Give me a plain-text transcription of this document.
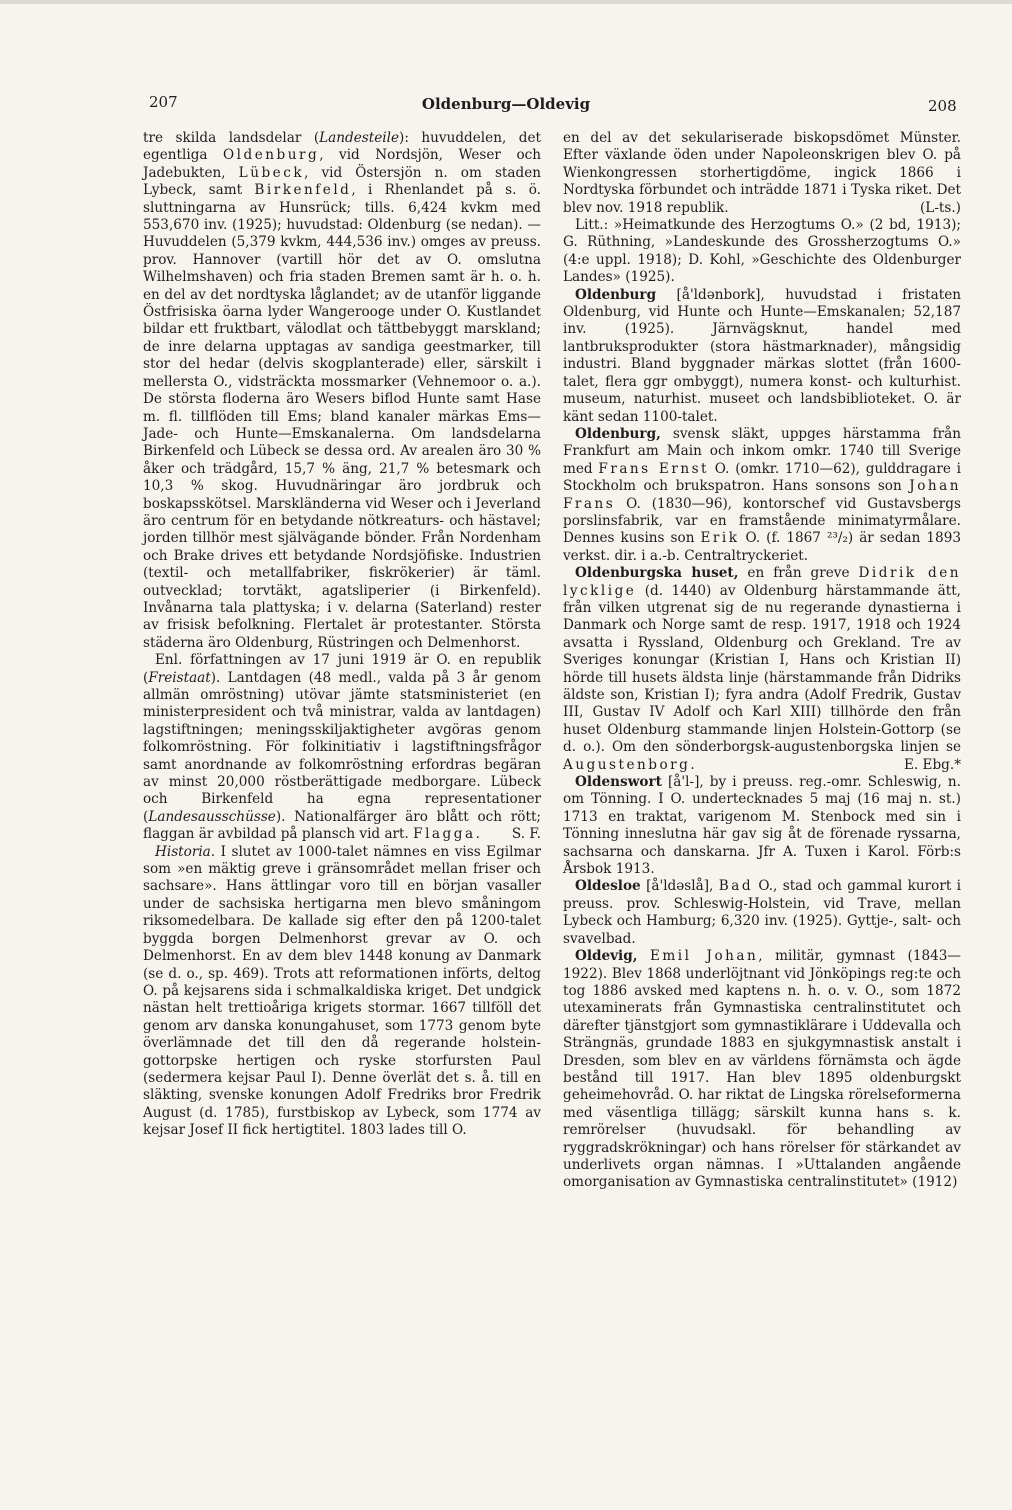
207	Oldenburg—Oldevig	208

tre skilda landsdelar (Landesteile): huvuddelen, det egentliga Oldenburg, vid Nordsjön, Weser och Jadebukten, Lübeck, vid Östersjön n. om staden Lybeck, samt Birkenfeld, i Rhenlandet på s. ö. sluttningarna av Hunsrück; tills. 6,424 kvkm med 553,670 inv. (1925); huvudstad: Oldenburg (se nedan). — Huvuddelen (5,379 kvkm, 444,536 inv.) omges av preuss. prov. Hannover (vartill hör det av O. omslutna Wilhelmshaven) och fria staden Bremen samt är h. o. h. en del av det nordtyska låglandet; av de utanför liggande Östfrisiska öarna lyder Wangerooge under O. Kustlandet bildar ett fruktbart, välodlat och tättbebyggt marskland; de inre delarna upptagas av sandiga geestmarker, till stor del hedar (delvis skogplanterade) eller, särskilt i mellersta O., vidsträckta mossmarker (Vehnemoor o. a.). De största floderna äro Wesers biflod Hunte samt Hase m. fl. tillflöden till Ems; bland kanaler märkas Ems—Jade- och Hunte—Emskanalerna. Om landsdelarna Birkenfeld och Lübeck se dessa ord. Av arealen äro 30 % åker och trädgård, 15,7 % äng, 21,7 % betesmark och 10,3 % skog. Huvudnäringar äro jordbruk och boskapsskötsel. Marskländerna vid Weser och i Jeverland äro centrum för en betydande nötkreaturs- och hästavel; jorden tillhör mest självägande bönder. Från Nordenham och Brake drives ett betydande Nordsjöfiske. Industrien (textil- och metallfabriker, fiskrökerier) är täml. outvecklad; torvtäkt, agatsliperier (i Birkenfeld). Invånarna tala plattyska; i v. delarna (Saterland) rester av frisisk befolkning. Flertalet är protestanter. Största städerna äro Oldenburg, Rüstringen och Delmenhorst.

Enl. författningen av 17 juni 1919 är O. en republik (Freistaat). Lantdagen (48 medl., valda på 3 år genom allmän omröstning) utövar jämte statsministeriet (en ministerpresident och två ministrar, valda av lantdagen) lagstiftningen; meningsskiljaktigheter avgöras genom folkomröstning. För folkinitiativ i lagstiftningsfrågor samt anordnande av folkomröstning erfordras begäran av minst 20,000 röstberättigade medborgare. Lübeck och Birkenfeld ha egna representationer (Landesausschüsse). Nationalfärger äro blått och rött; flaggan är avbildad på plansch vid art. Flagga.	S. F.

Historia. I slutet av 1000-talet nämnes en viss Egilmar som »en mäktig greve i gränsområdet mellan friser och sachsare». Hans ättlingar voro till en början vasaller under de sachsiska hertigarna men blevo småningom riksomedelbara. De kallade sig efter den på 1200-talet byggda borgen Delmenhorst grevar av O. och Delmenhorst. En av dem blev 1448 konung av Danmark (se d. o., sp. 469). Trots att reformationen införts, deltog O. på kejsarens sida i schmalkaldiska kriget. Det undgick nästan helt trettioåriga krigets stormar. 1667 tillföll det genom arv danska konungahuset, som 1773 genom byte överlämnade det till den då regerande holstein-gottorpske hertigen och ryske storfursten Paul (sedermera kejsar Paul I). Denne överlät det s. å. till en släkting, svenske konungen Adolf Fredriks bror Fredrik August (d. 1785), furstbiskop av Lybeck, som 1774 av kejsar Josef II fick hertigtitel. 1803 lades till O.

en del av det sekulariserade biskopsdömet Münster. Efter växlande öden under Napoleonskrigen blev O. på Wienkongressen storhertigdöme, ingick 1866 i Nordtyska förbundet och inträdde 1871 i Tyska riket. Det blev nov. 1918 republik.	(L-ts.)

Litt.: »Heimatkunde des Herzogtums O.» (2 bd, 1913); G. Rüthning, »Landeskunde des Grossherzogtums O.» (4:e uppl. 1918); D. Kohl, »Geschichte des Oldenburger Landes» (1925).

Oldenburg [å'ldənbork], huvudstad i fristaten Oldenburg, vid Hunte och Hunte—Emskanalen; 52,187 inv. (1925). Järnvägsknut, handel med lantbruksprodukter (stora hästmarknader), mångsidig industri. Bland byggnader märkas slottet (från 1600-talet, flera ggr ombyggt), numera konst- och kulturhist. museum, naturhist. museet och landsbiblioteket. O. är känt sedan 1100-talet.

Oldenburg, svensk släkt, uppges härstamma från Frankfurt am Main och inkom omkr. 1740 till Sverige med Frans Ernst O. (omkr. 1710—62), gulddragare i Stockholm och brukspatron. Hans sonsons son Johan Frans O. (1830—96), kontorschef vid Gustavsbergs porslinsfabrik, var en framstående minimatyrmålare. Dennes kusins son Erik O. (f. 1867 ²³/₂) är sedan 1893 verkst. dir. i a.-b. Centraltryckeriet.

Oldenburgska huset, en från greve Didrik den lycklige (d. 1440) av Oldenburg härstammande ätt, från vilken utgrenat sig de nu regerande dynastierna i Danmark och Norge samt de resp. 1917, 1918 och 1924 avsatta i Ryssland, Oldenburg och Grekland. Tre av Sveriges konungar (Kristian I, Hans och Kristian II) hörde till husets äldsta linje (härstammande från Didriks äldste son, Kristian I); fyra andra (Adolf Fredrik, Gustav III, Gustav IV Adolf och Karl XIII) tillhörde den från huset Oldenburg stammande linjen Holstein-Gottorp (se d. o.). Om den sönderborgsk-augustenborgska linjen se Augustenborg.	E. Ebg.*

Oldenswort [å'l-], by i preuss. reg.-omr. Schleswig, n. om Tönning. I O. undertecknades 5 maj (16 maj n. st.) 1713 en traktat, varigenom M. Stenbock med sin i Tönning inneslutna här gav sig åt de förenade ryssarna, sachsarna och danskarna. Jfr A. Tuxen i Karol. Förb:s Årsbok 1913.

Oldesloe [å'ldəslå], Bad O., stad och gammal kurort i preuss. prov. Schleswig-Holstein, vid Trave, mellan Lybeck och Hamburg; 6,320 inv. (1925). Gyttje-, salt- och svavelbad.

Oldevig, Emil Johan, militär, gymnast (1843—1922). Blev 1868 underlöjtnant vid Jönköpings reg:te och tog 1886 avsked med kaptens n. h. o. v. O., som 1872 utexaminerats från Gymnastiska centralinstitutet och därefter tjänstgjort som gymnastiklärare i Uddevalla och Strängnäs, grundade 1883 en sjukgymnastisk anstalt i Dresden, som blev en av världens förnämsta och ägde bestånd till 1917. Han blev 1895 oldenburgskt geheimehovråd. O. har riktat de Lingska rörelseformerna med väsentliga tillägg; särskilt kunna hans s. k. remrörelser (huvudsakl. för behandling av ryggradskrökningar) och hans rörelser för stärkandet av underlivets organ nämnas. I »Uttalanden angående omorganisation av Gymnastiska centralinstitutet» (1912)
